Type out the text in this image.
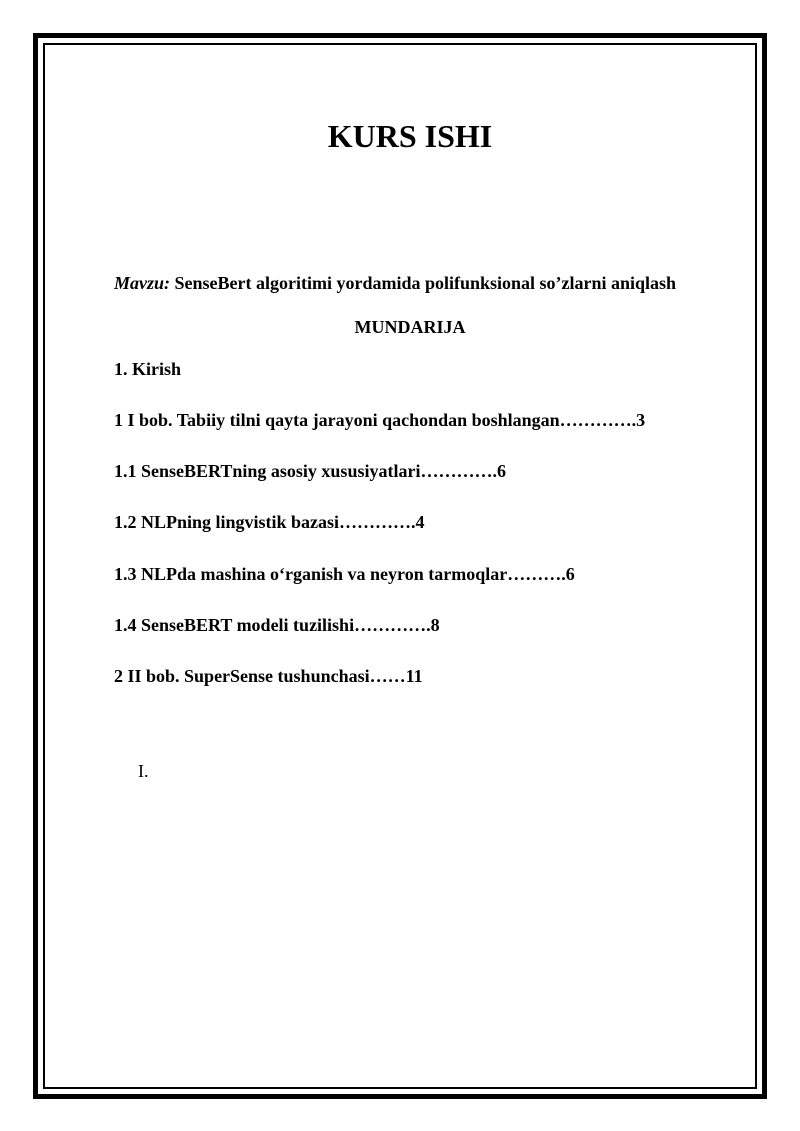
KURS ISHI
Mavzu: SenseBert algoritimi yordamida polifunksional so’zlarni aniqlash
MUNDARIJA
1. Kirish
1 I bob. Tabiiy tilni qayta jarayoni qachondan boshlangan………….3
1.1 SenseBERTning asosiy xususiyatlari………….6
1.2 NLPning lingvistik bazasi………….4
1.3 NLPda mashina o‘rganish va neyron tarmoqlar……….6
1.4 SenseBERT modeli tuzilishi………….8
2 II bob. SuperSense tushunchasi……11
I.
